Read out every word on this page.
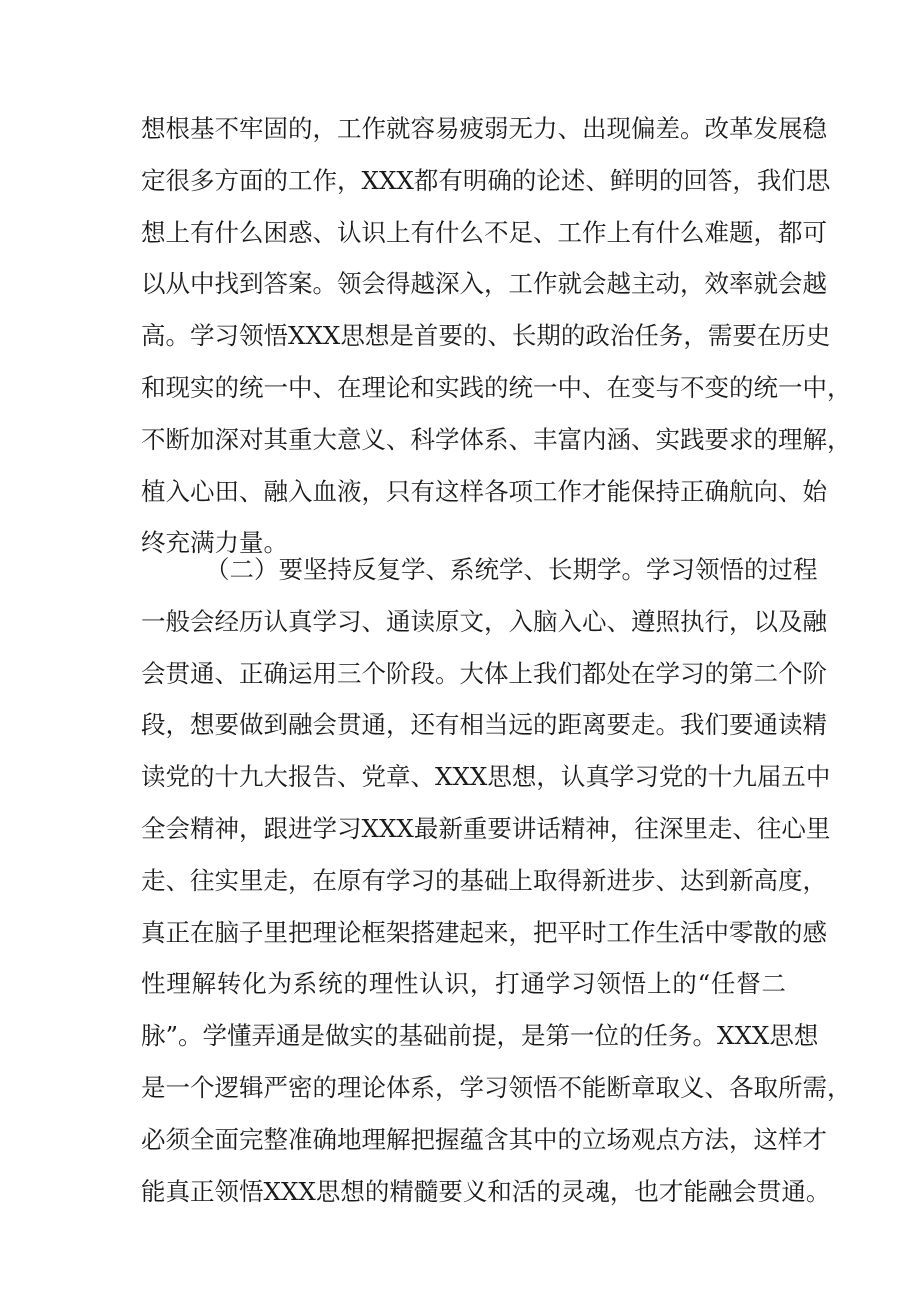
想根基不牢固的，工作就容易疲弱无力、出现偏差。改革发展稳
定很多方面的工作，XXX都有明确的论述、鲜明的回答，我们思
想上有什么困惑、认识上有什么不足、工作上有什么难题，都可
以从中找到答案。领会得越深入，工作就会越主动，效率就会越
高。学习领悟XXX思想是首要的、长期的政治任务，需要在历史
和现实的统一中、在理论和实践的统一中、在变与不变的统一中，
不断加深对其重大意义、科学体系、丰富内涵、实践要求的理解，
植入心田、融入血液，只有这样各项工作才能保持正确航向、始
终充满力量。
（二）要坚持反复学、系统学、长期学。学习领悟的过程
一般会经历认真学习、通读原文，入脑入心、遵照执行，以及融
会贯通、正确运用三个阶段。大体上我们都处在学习的第二个阶
段，想要做到融会贯通，还有相当远的距离要走。我们要通读精
读党的十九大报告、党章、XXX思想，认真学习党的十九届五中
全会精神，跟进学习XXX最新重要讲话精神，往深里走、往心里
走、往实里走，在原有学习的基础上取得新进步、达到新高度，
真正在脑子里把理论框架搭建起来，把平时工作生活中零散的感
性理解转化为系统的理性认识，打通学习领悟上的“任督二
脉”。学懂弄通是做实的基础前提，是第一位的任务。XXX思想
是一个逻辑严密的理论体系，学习领悟不能断章取义、各取所需，
必须全面完整准确地理解把握蕴含其中的立场观点方法，这样才
能真正领悟XXX思想的精髓要义和活的灵魂，也才能融会贯通。
